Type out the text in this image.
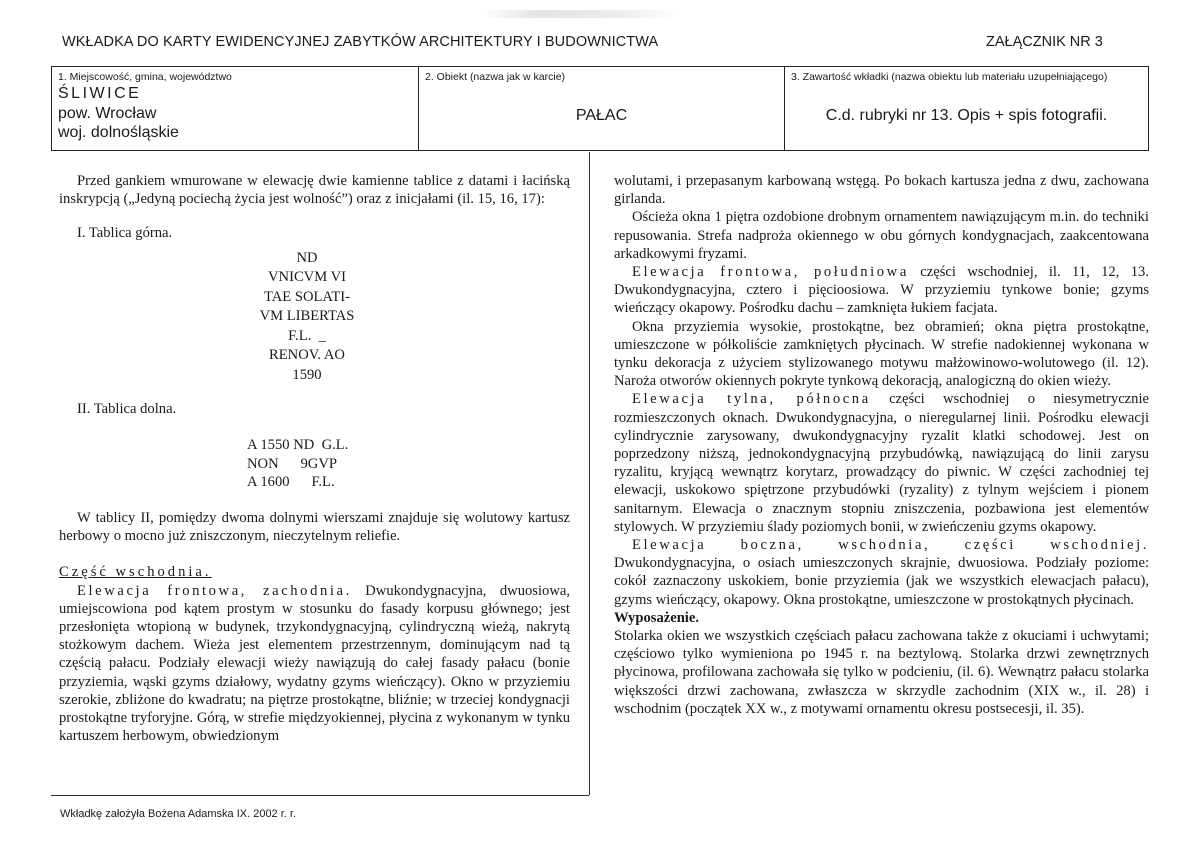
WKŁADKA DO KARTY EWIDENCYJNEJ ZABYTKÓW ARCHITEKTURY I BUDOWNICTWA	ZAŁĄCZNIK NR 3
1. Miejscowość, gmina, województwo
ŚLIWICE
pow. Wrocław
woj. dolnośląskie
2. Obiekt (nazwa jak w karcie)
PAŁAC
3. Zawartość wkładki (nazwa obiektu lub materiału uzupełniającego)
C.d. rubryki nr 13. Opis + spis fotografii.

Przed gankiem wmurowane w elewację dwie kamienne tablice z datami i łacińską inskrypcją („Jedyną pociechą życia jest wolność”) oraz z inicjałami (il. 15, 16, 17):

I. Tablica górna.

ND
VNICVM VI
TAE SOLATI-
VM LIBERTAS
F.L.  _
RENOV. AO
1590

II. Tablica dolna.

A 1550 ND  G.L.
NON      9GVP
A 1600      F.L.

W tablicy II, pomiędzy dwoma dolnymi wierszami znajduje się wolutowy kartusz herbowy o mocno już zniszczonym, nieczytelnym reliefie.

Część wschodnia.

Elewacja frontowa, zachodnia. Dwukondygnacyjna, dwuosiowa, umiejscowiona pod kątem prostym w stosunku do fasady korpusu głównego; jest przesłonięta wtopioną w budynek, trzykondygnacyjną, cylindryczną wieżą, nakrytą stożkowym dachem. Wieża jest elementem przestrzennym, dominującym nad tą częścią pałacu. Podziały elewacji wieży nawiązują do całej fasady pałacu (bonie przyziemia, wąski gzyms działowy, wydatny gzyms wieńczący). Okno w przyziemiu szerokie, zbliżone do kwadratu; na piętrze prostokątne, bliźnie; w trzeciej kondygnacji prostokątne tryforyjne. Górą, w strefie międzyokiennej, płycina z wykonanym w tynku kartuszem herbowym, obwiedzionym

wolutami, i przepasanym karbowaną wstęgą. Po bokach kartusza jedna z dwu, zachowana girlanda.

Ościeża okna 1 piętra ozdobione drobnym ornamentem nawiązującym m.in. do techniki repusowania. Strefa nadproża okiennego w obu górnych kondygnacjach, zaakcentowana arkadkowymi fryzami.

Elewacja frontowa, południowa części wschodniej, il. 11, 12, 13. Dwukondygnacyjna, cztero i pięcioosiowa. W przyziemiu tynkowe bonie; gzyms wieńczący okapowy. Pośrodku dachu – zamknięta łukiem facjata.

Okna przyziemia wysokie, prostokątne, bez obramień; okna piętra prostokątne, umieszczone w półkoliście zamkniętych płycinach. W strefie nadokiennej wykonana w tynku dekoracja z użyciem stylizowanego motywu małżowinowo-wolutowego (il. 12). Naroża otworów okiennych pokryte tynkową dekoracją, analogiczną do okien wieży.

Elewacja tylna, północna części wschodniej o niesymetrycznie rozmieszczonych oknach. Dwukondygnacyjna, o nieregularnej linii. Pośrodku elewacji cylindrycznie zarysowany, dwukondygnacyjny ryzalit klatki schodowej. Jest on poprzedzony niższą, jednokondygnacyjną przybudówką, nawiązującą do linii zarysu ryzalitu, kryjącą wewnątrz korytarz, prowadzący do piwnic. W części zachodniej tej elewacji, uskokowo spiętrzone przybudówki (ryzality) z tylnym wejściem i pionem sanitarnym. Elewacja o znacznym stopniu zniszczenia, pozbawiona jest elementów stylowych. W przyziemiu ślady poziomych bonii, w zwieńczeniu gzyms okapowy.

Elewacja boczna, wschodnia, części wschodniej. Dwukondygnacyjna, o osiach umieszczonych skrajnie, dwuosiowa. Podziały poziome: cokół zaznaczony uskokiem, bonie przyziemia (jak we wszystkich elewacjach pałacu), gzyms wieńczący, okapowy. Okna prostokątne, umieszczone w prostokątnych płycinach.

Wyposażenie.

Stolarka okien we wszystkich częściach pałacu zachowana także z okuciami i uchwytami; częściowo tylko wymieniona po 1945 r. na beztylową. Stolarka drzwi zewnętrznych płycinowa, profilowana zachowała się tylko w podcieniu, (il. 6). Wewnątrz pałacu stolarka większości drzwi zachowana, zwłaszcza w skrzydle zachodnim (XIX w., il. 28) i wschodnim (początek XX w., z motywami ornamentu okresu postsecesji, il. 35).

Wkładkę założyła Bożena Adamska IX. 2002 r. r.
